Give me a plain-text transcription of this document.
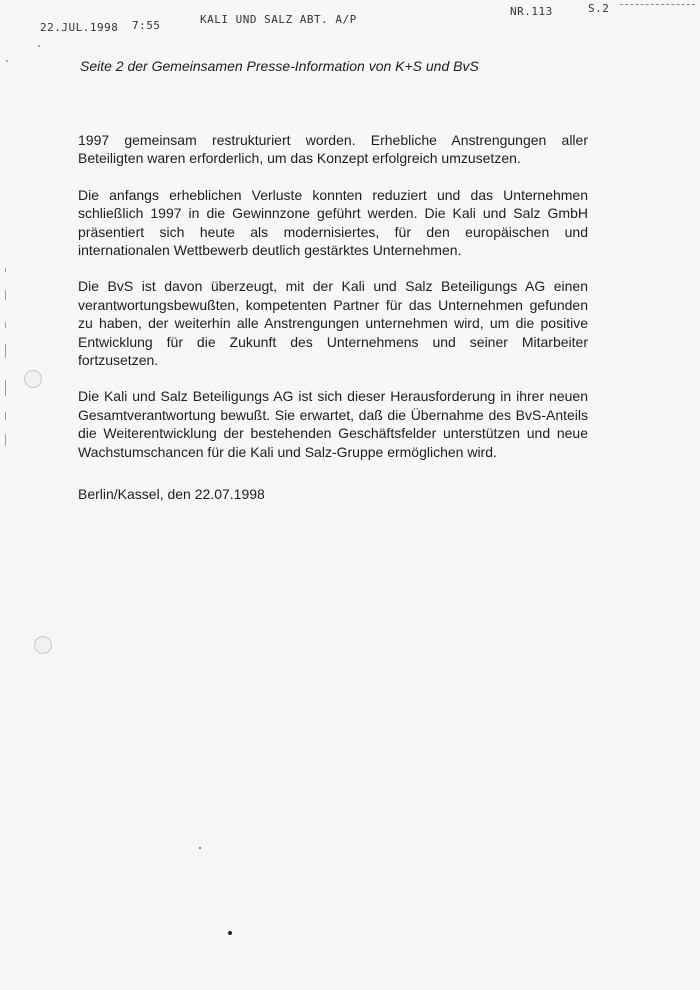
22.JUL.1998 7:55	KALI UND SALZ ABT. A/P
NR.113	S.2
Seite 2 der Gemeinsamen Presse-Information von K+S und BvS

1997 gemeinsam restrukturiert worden. Erhebliche Anstrengungen aller Beteiligten waren erforderlich, um das Konzept erfolgreich umzusetzen.

Die anfangs erheblichen Verluste konnten reduziert und das Unternehmen schließlich 1997 in die Gewinnzone geführt werden. Die Kali und Salz GmbH präsentiert sich heute als modernisiertes, für den europäischen und internationalen Wettbewerb deutlich gestärktes Unternehmen.

Die BvS ist davon überzeugt, mit der Kali und Salz Beteiligungs AG einen verantwortungsbewußten, kompetenten Partner für das Unternehmen gefunden zu haben, der weiterhin alle Anstrengungen unternehmen wird, um die positive Entwicklung für die Zukunft des Unternehmens und seiner Mitarbeiter fortzusetzen.

Die Kali und Salz Beteiligungs AG ist sich dieser Herausforderung in ihrer neuen Gesamtverantwortung bewußt. Sie erwartet, daß die Übernahme des BvS-Anteils die Weiterentwicklung der bestehenden Geschäftsfelder unterstützen und neue Wachstumschancen für die Kali und Salz-Gruppe ermöglichen wird.

Berlin/Kassel, den 22.07.1998
